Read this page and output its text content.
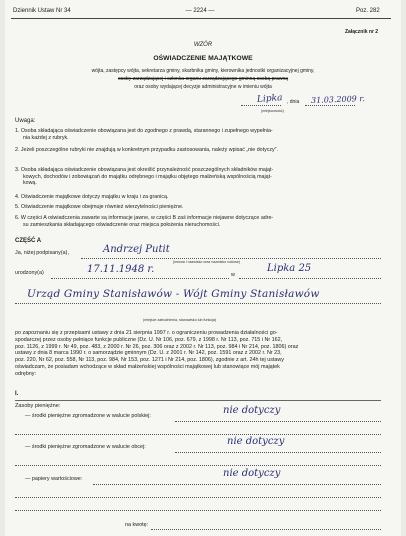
Dziennik Ustaw Nr 34	— 2224 —	Poz. 282
Załącznik nr 2
WZÓR
OŚWIADCZENIE MAJĄTKOWE
wójta, zastępcy wójta, sekretarza gminy, skarbnika gminy, kierownika jednostki organizacyjnej gminy,
osoby zarządzającej i członka organu zarządzającego gminną osobą prawną
oraz osoby wydającej decyzje administracyjne w imieniu wójta
Lipka , dnia 31.03.2009 r.
(miejscowość)
Uwaga:
1. Osoba składająca oświadczenie obowiązana jest do zgodnego z prawdą, starannego i zupełnego wypełnia-
nia każdej z rubryk.
2. Jeżeli poszczególne rubryki nie znajdują w konkretnym przypadku zastosowania, należy wpisać „nie dotyczy”.
3. Osoba składająca oświadczenie obowiązana jest określić przynależność poszczególnych składników mająt-
kowych, dochodów i zobowiązań do majątku odrębnego i majątku objętego małżeńską wspólnością mająt-
kową.
4. Oświadczenie majątkowe dotyczy majątku w kraju i za granicą.
5. Oświadczenie majątkowe obejmuje również wierzytelności pieniężne.
6. W części A oświadczenia zawarte są informacje jawne, w części B zaś informacje niejawne dotyczące adre-
su zamieszkania składającego oświadczenie oraz miejsca położenia nieruchomości.
CZĘŚĆ A
Ja, niżej podpisany(a),	Andrzej Putit
(imiona i nazwisko oraz nazwisko rodowe)
urodzony(a)	17.11.1948 r.	w
Lipka 25
Urząd Gminy Stanisławów - Wójt Gminy Stanisławów
(miejsce zatrudnienia, stanowisko lub funkcja)
po zapoznaniu się z przepisami ustawy z dnia 21 sierpnia 1997 r. o ograniczeniu prowadzenia działalności go-
spodarczej przez osoby pełniące funkcje publiczne (Dz. U. Nr 106, poz. 679, z 1998 r. Nr 113, poz. 715 i Nr 162,
poz. 1126, z 1999 r. Nr 49, poz. 483, z 2000 r. Nr 26, poz. 306 oraz z 2002 r. Nr 113, poz. 984 i Nr 214, poz. 1806) oraz
ustawy z dnia 8 marca 1990 r. o samorządzie gminnym (Dz. U. z 2001 r. Nr 142, poz. 1591 oraz z 2002 r. Nr 23,
poz. 220, Nr 62, poz. 558, Nr 113, poz. 984, Nr 153, poz. 1271 i Nr 214, poz. 1806), zgodnie z art. 24h tej ustawy
oświadczam, że posiadam wchodzące w skład małżeńskiej wspólności majątkowej lub stanowiące mój majątek
odrębny:
I.
Zasoby pieniężne:
— środki pieniężne zgromadzone w walucie polskiej:	nie dotyczy
— środki pieniężne zgromadzone w walucie obcej:	nie dotyczy
— papiery wartościowe:	nie dotyczy
na kwotę:
